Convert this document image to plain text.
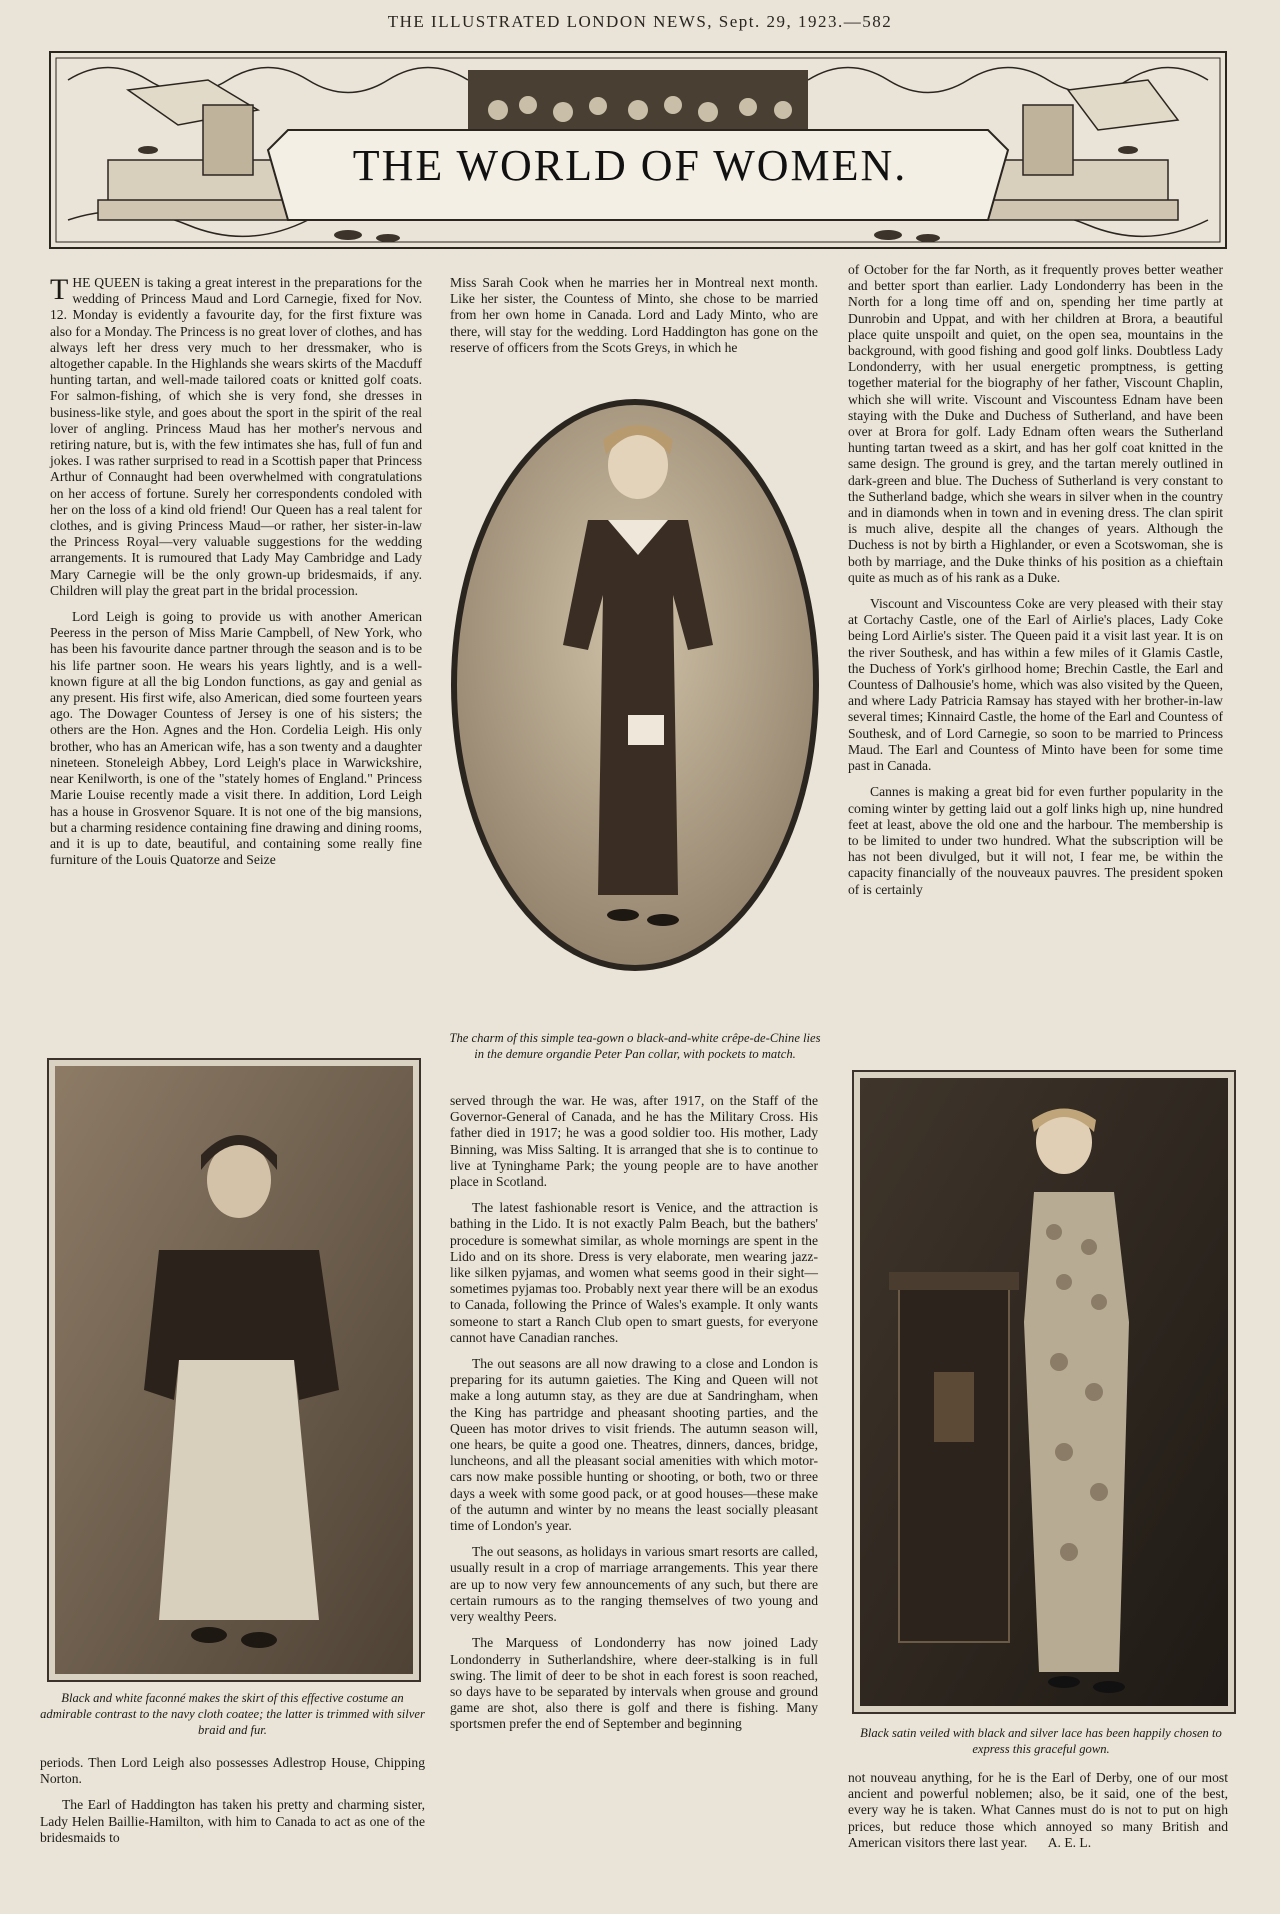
THE ILLUSTRATED LONDON NEWS, Sept. 29, 1923.—582
THE WORLD OF WOMEN.

THE QUEEN is taking a great interest in the preparations for the wedding of Princess Maud and Lord Carnegie, fixed for Nov. 12. Monday is evidently a favourite day, for the first fixture was also for a Monday. The Princess is no great lover of clothes, and has always left her dress very much to her dressmaker, who is altogether capable. In the Highlands she wears skirts of the Macduff hunting tartan, and well-made tailored coats or knitted golf coats. For salmon-fishing, of which she is very fond, she dresses in business-like style, and goes about the sport in the spirit of the real lover of angling. Princess Maud has her mother's nervous and retiring nature, but is, with the few intimates she has, full of fun and jokes. I was rather surprised to read in a Scottish paper that Princess Arthur of Connaught had been overwhelmed with congratulations on her access of fortune. Surely her correspondents condoled with her on the loss of a kind old friend! Our Queen has a real talent for clothes, and is giving Princess Maud—or rather, her sister-in-law the Princess Royal—very valuable suggestions for the wedding arrangements. It is rumoured that Lady May Cambridge and Lady Mary Carnegie will be the only grown-up bridesmaids, if any. Children will play the great part in the bridal procession.

Lord Leigh is going to provide us with another American Peeress in the person of Miss Marie Campbell, of New York, who has been his favourite dance partner through the season and is to be his life partner soon. He wears his years lightly, and is a well-known figure at all the big London functions, as gay and genial as any present. His first wife, also American, died some fourteen years ago. The Dowager Countess of Jersey is one of his sisters; the others are the Hon. Agnes and the Hon. Cordelia Leigh. His only brother, who has an American wife, has a son twenty and a daughter nineteen. Stoneleigh Abbey, Lord Leigh's place in Warwickshire, near Kenilworth, is one of the "stately homes of England." Princess Marie Louise recently made a visit there. In addition, Lord Leigh has a house in Grosvenor Square. It is not one of the big mansions, but a charming residence containing fine drawing and dining rooms, and it is up to date, beautiful, and containing some really fine furniture of the Louis Quatorze and Seize

Black and white faconné makes the skirt of this effective costume an admirable contrast to the navy cloth coatee; the latter is trimmed with silver braid and fur.

periods. Then Lord Leigh also possesses Adlestrop House, Chipping Norton.

The Earl of Haddington has taken his pretty and charming sister, Lady Helen Baillie-Hamilton, with him to Canada to act as one of the bridesmaids to

Miss Sarah Cook when he marries her in Montreal next month. Like her sister, the Countess of Minto, she chose to be married from her own home in Canada. Lord and Lady Minto, who are there, will stay for the wedding. Lord Haddington has gone on the reserve of officers from the Scots Greys, in which he

The charm of this simple tea-gown o black-and-white crêpe-de-Chine lies in the demure organdie Peter Pan collar, with pockets to match.

served through the war. He was, after 1917, on the Staff of the Governor-General of Canada, and he has the Military Cross. His father died in 1917; he was a good soldier too. His mother, Lady Binning, was Miss Salting. It is arranged that she is to continue to live at Tyninghame Park; the young people are to have another place in Scotland.

The latest fashionable resort is Venice, and the attraction is bathing in the Lido. It is not exactly Palm Beach, but the bathers' procedure is somewhat similar, as whole mornings are spent in the Lido and on its shore. Dress is very elaborate, men wearing jazz-like silken pyjamas, and women what seems good in their sight—sometimes pyjamas too. Probably next year there will be an exodus to Canada, following the Prince of Wales's example. It only wants someone to start a Ranch Club open to smart guests, for everyone cannot have Canadian ranches.

The out seasons are all now drawing to a close and London is preparing for its autumn gaieties. The King and Queen will not make a long autumn stay, as they are due at Sandringham, when the King has partridge and pheasant shooting parties, and the Queen has motor drives to visit friends. The autumn season will, one hears, be quite a good one. Theatres, dinners, dances, bridge, luncheons, and all the pleasant social amenities with which motor-cars now make possible hunting or shooting, or both, two or three days a week with some good pack, or at good houses—these make of the autumn and winter by no means the least socially pleasant time of London's year.

The out seasons, as holidays in various smart resorts are called, usually result in a crop of marriage arrangements. This year there are up to now very few announcements of any such, but there are certain rumours as to the ranging themselves of two young and very wealthy Peers.

The Marquess of Londonderry has now joined Lady Londonderry in Sutherlandshire, where deer-stalking is in full swing. The limit of deer to be shot in each forest is soon reached, so days have to be separated by intervals when grouse and ground game are shot, also there is golf and there is fishing. Many sportsmen prefer the end of September and beginning

of October for the far North, as it frequently proves better weather and better sport than earlier. Lady Londonderry has been in the North for a long time off and on, spending her time partly at Dunrobin and Uppat, and with her children at Brora, a beautiful place quite unspoilt and quiet, on the open sea, mountains in the background, with good fishing and good golf links. Doubtless Lady Londonderry, with her usual energetic promptness, is getting together material for the biography of her father, Viscount Chaplin, which she will write. Viscount and Viscountess Ednam have been staying with the Duke and Duchess of Sutherland, and have been over at Brora for golf. Lady Ednam often wears the Sutherland hunting tartan tweed as a skirt, and has her golf coat knitted in the same design. The ground is grey, and the tartan merely outlined in dark-green and blue. The Duchess of Sutherland is very constant to the Sutherland badge, which she wears in silver when in the country and in diamonds when in town and in evening dress. The clan spirit is much alive, despite all the changes of years. Although the Duchess is not by birth a Highlander, or even a Scotswoman, she is both by marriage, and the Duke thinks of his position as a chieftain quite as much as of his rank as a Duke.

Viscount and Viscountess Coke are very pleased with their stay at Cortachy Castle, one of the Earl of Airlie's places, Lady Coke being Lord Airlie's sister. The Queen paid it a visit last year. It is on the river Southesk, and has within a few miles of it Glamis Castle, the Duchess of York's girlhood home; Brechin Castle, the Earl and Countess of Dalhousie's home, which was also visited by the Queen, and where Lady Patricia Ramsay has stayed with her brother-in-law several times; Kinnaird Castle, the home of the Earl and Countess of Southesk, and of Lord Carnegie, so soon to be married to Princess Maud. The Earl and Countess of Minto have been for some time past in Canada.

Cannes is making a great bid for even further popularity in the coming winter by getting laid out a golf links high up, nine hundred feet at least, above the old one and the harbour. The membership is to be limited to under two hundred. What the subscription will be has not been divulged, but it will not, I fear me, be within the capacity financially of the nouveaux pauvres. The president spoken of is certainly

Black satin veiled with black and silver lace has been happily chosen to express this graceful gown.

not nouveau anything, for he is the Earl of Derby, one of our most ancient and powerful noblemen; also, be it said, one of the best, every way he is taken. What Cannes must do is not to put on high prices, but reduce those which annoyed so many British and American visitors there last year. A. E. L.
